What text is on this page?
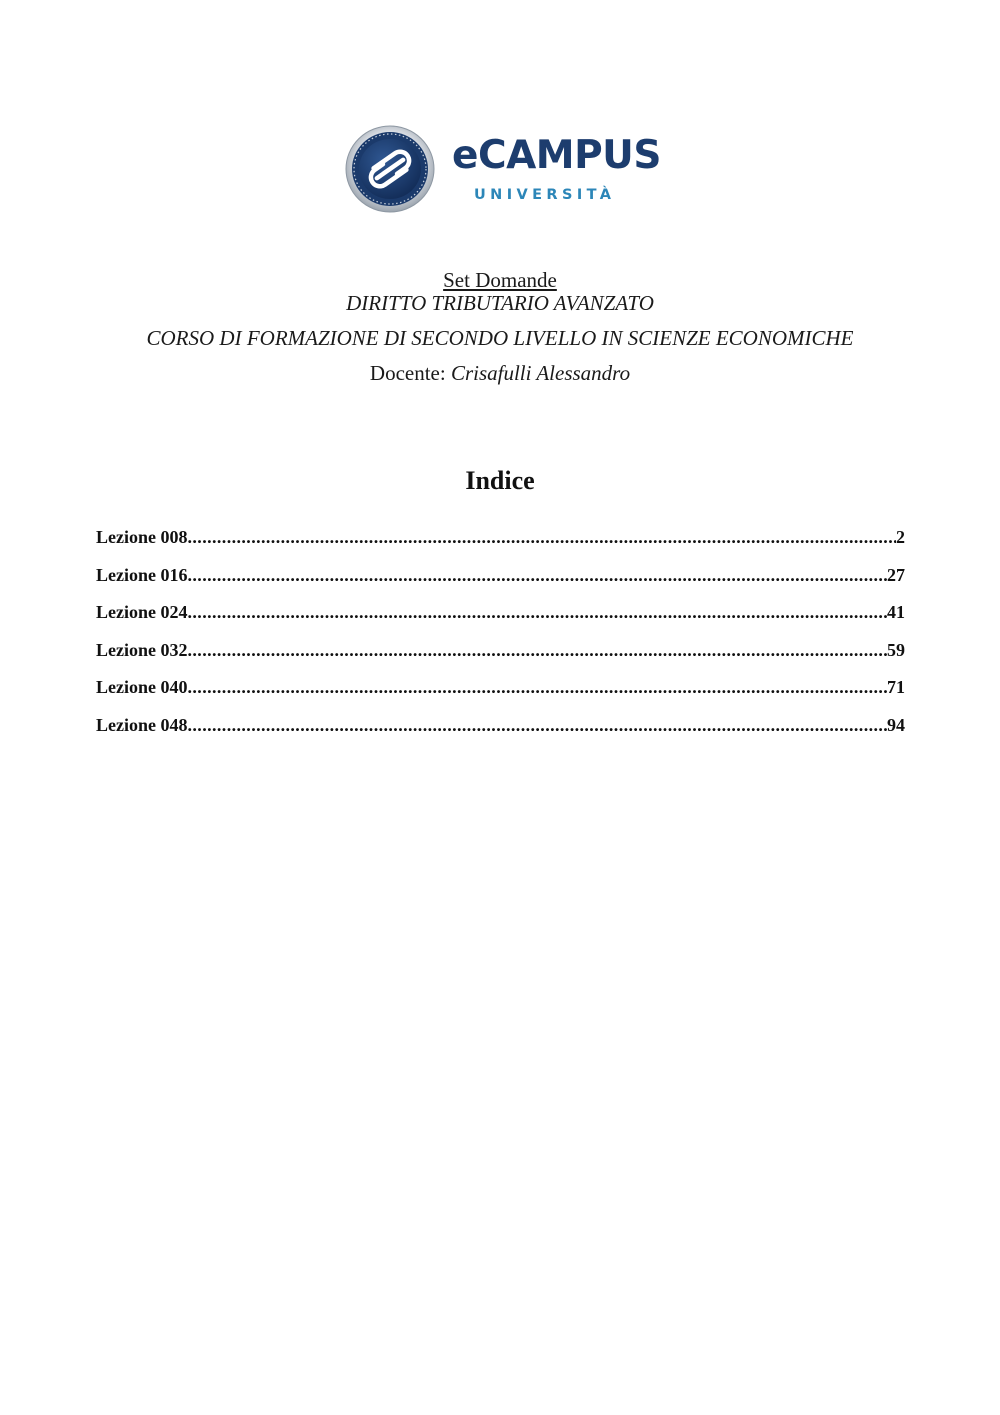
eCAMPUS
UNIVERSITÀ
Set Domande
DIRITTO TRIBUTARIO AVANZATO
CORSO DI FORMAZIONE DI SECONDO LIVELLO IN SCIENZE ECONOMICHE
Docente: Crisafulli Alessandro
Indice
Lezione 008 .....	2
Lezione 016 .....	27
Lezione 024 .....	41
Lezione 032 .....	59
Lezione 040 .....	71
Lezione 048 .....	94
